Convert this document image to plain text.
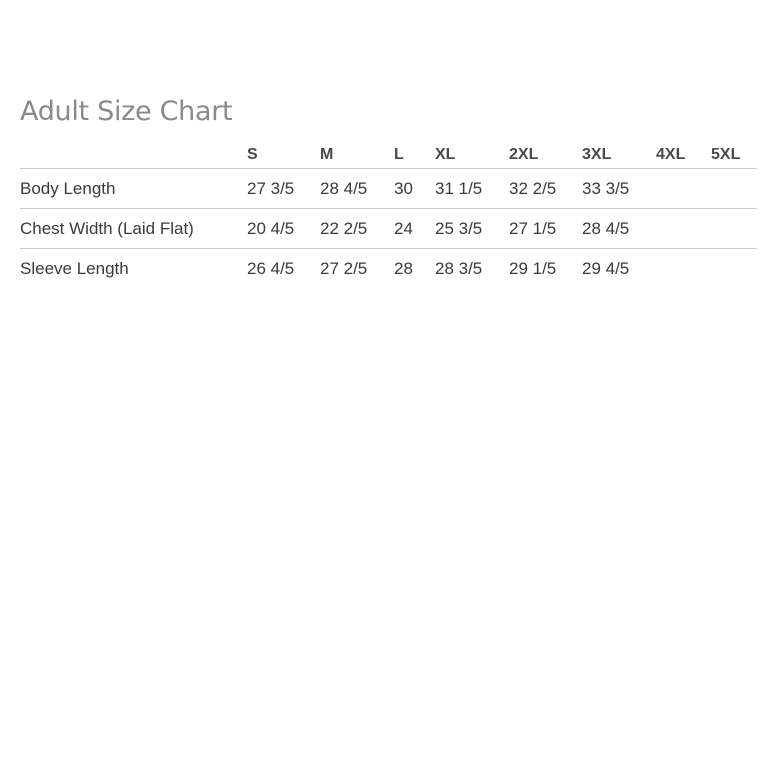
Adult Size Chart
	S	M	L	XL	2XL	3XL	4XL	5XL
Body Length	27 3/5	28 4/5	30	31 1/5	32 2/5	33 3/5		
Chest Width (Laid Flat)	20 4/5	22 2/5	24	25 3/5	27 1/5	28 4/5		
Sleeve Length	26 4/5	27 2/5	28	28 3/5	29 1/5	29 4/5		
